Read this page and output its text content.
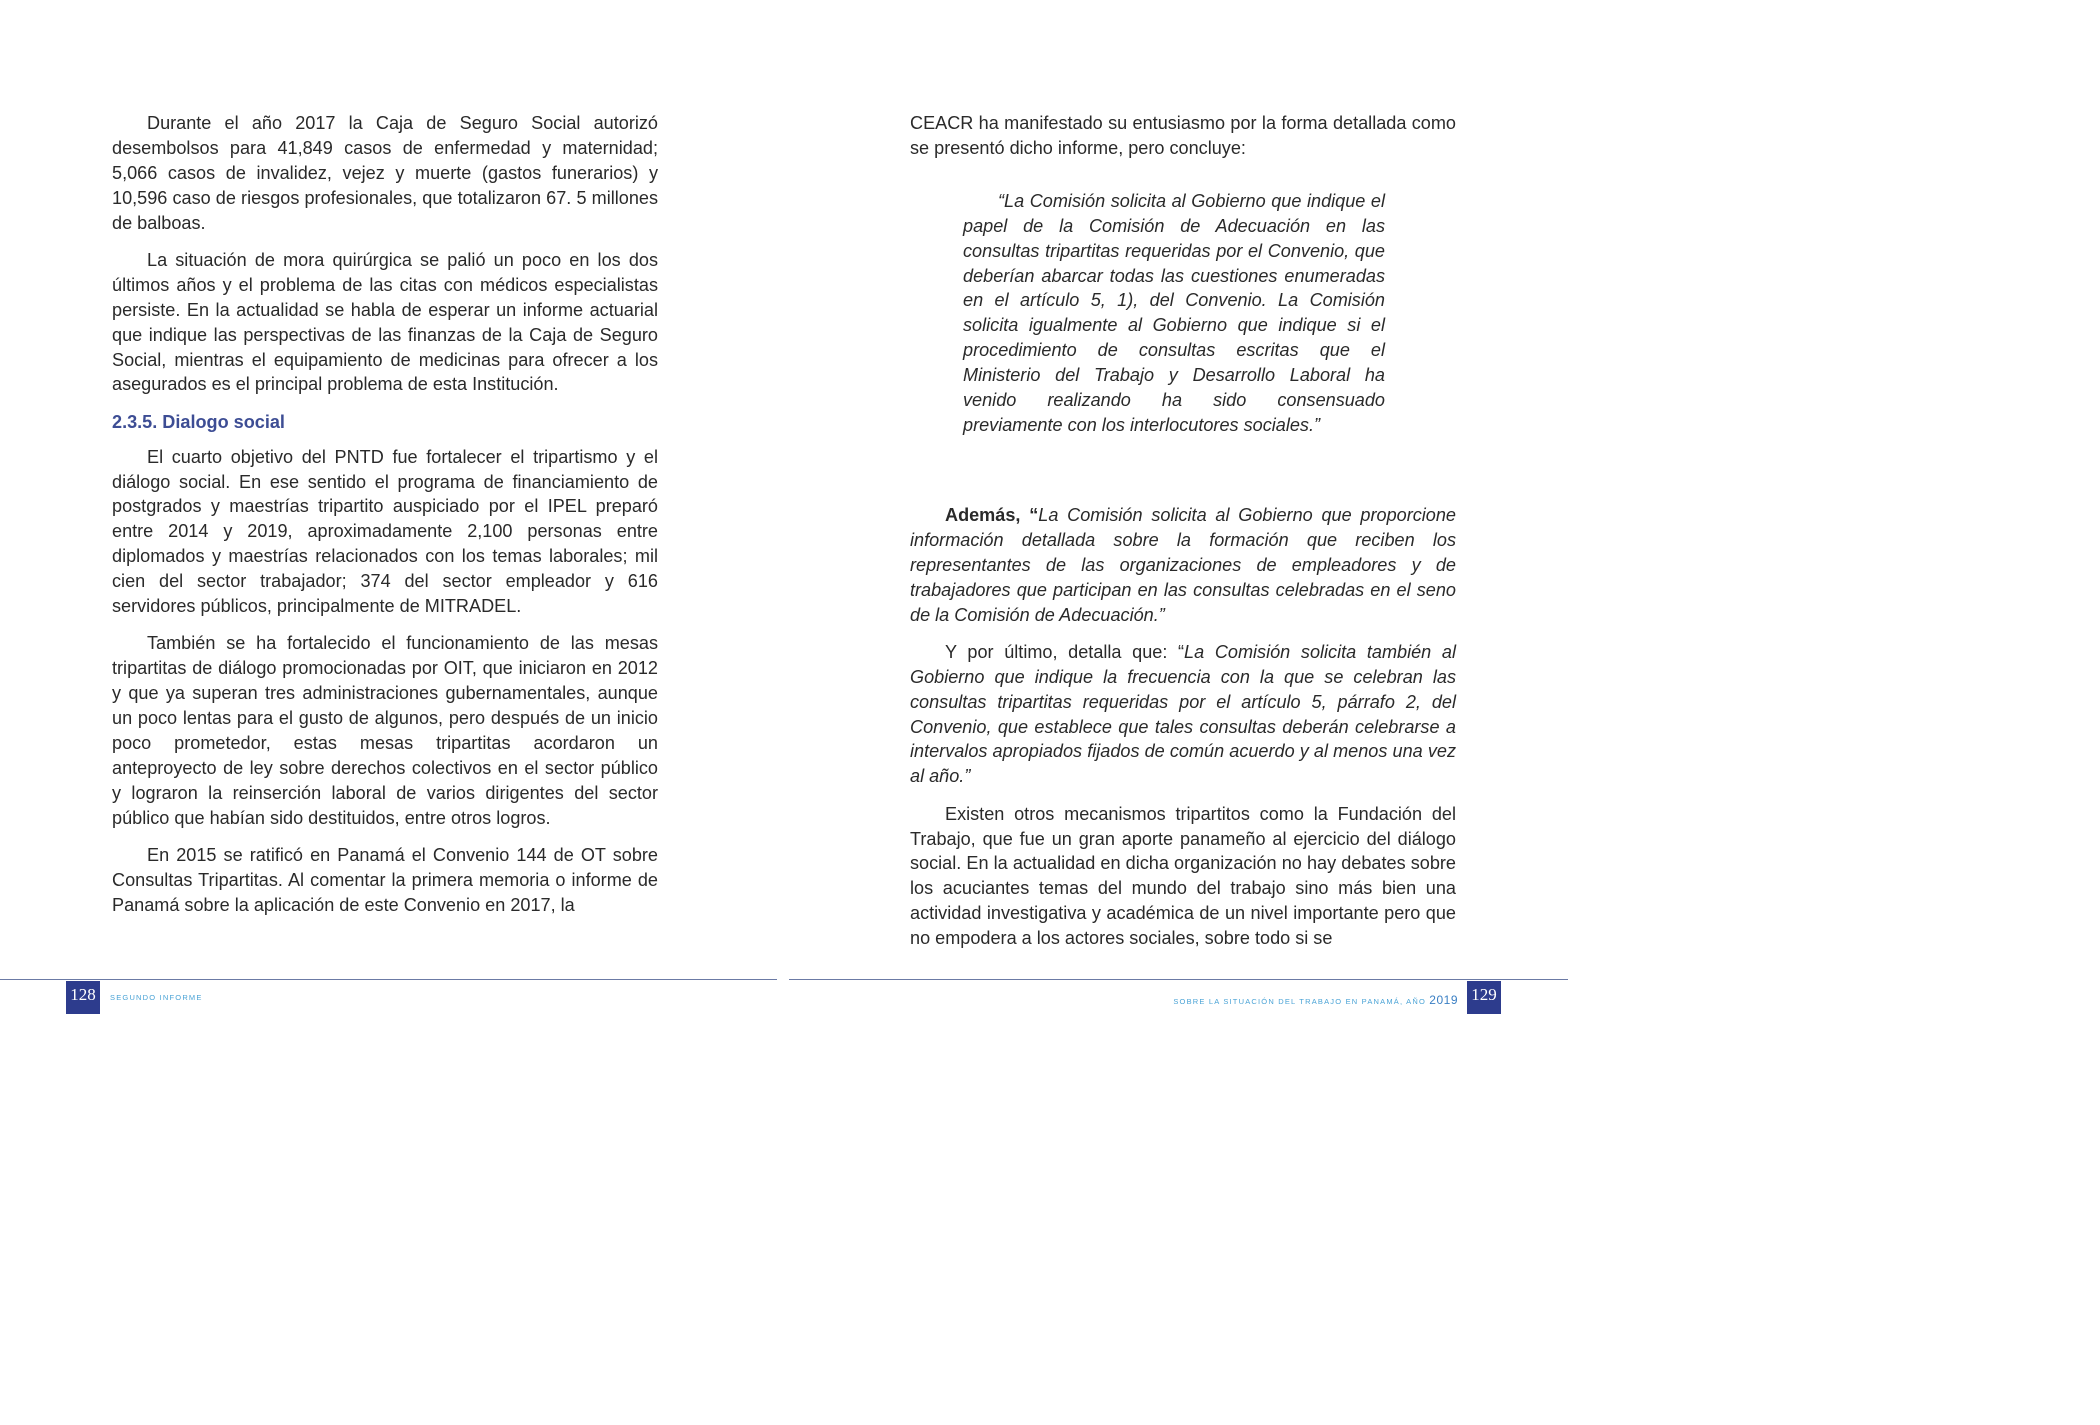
Durante el año 2017 la Caja de Seguro Social autorizó desembolsos para 41,849 casos de enfermedad y maternidad; 5,066 casos de invalidez, vejez y muerte (gastos funerarios) y 10,596 caso de riesgos profesionales, que totalizaron 67. 5 millones de balboas.

La situación de mora quirúrgica se palió un poco en los dos últimos años y el problema de las citas con médicos especialistas persiste. En la actualidad se habla de esperar un informe actuarial que indique las perspectivas de las finanzas de la Caja de Seguro Social, mientras el equipamiento de medicinas para ofrecer a los asegurados es el principal problema de esta Institución.

2.3.5. Dialogo social

El cuarto objetivo del PNTD fue fortalecer el tripartismo y el diálogo social. En ese sentido el programa de financiamiento de postgrados y maestrías tripartito auspiciado por el IPEL preparó entre 2014 y 2019, aproximadamente 2,100 personas entre diplomados y maestrías relacionados con los temas laborales; mil cien del sector trabajador; 374 del sector empleador y 616 servidores públicos, principalmente de MITRADEL.

También se ha fortalecido el funcionamiento de las mesas tripartitas de diálogo promocionadas por OIT, que iniciaron en 2012 y que ya superan tres administraciones gubernamentales, aunque un poco lentas para el gusto de algunos, pero después de un inicio poco prometedor, estas mesas tripartitas acordaron un anteproyecto de ley sobre derechos colectivos en el sector público y lograron la reinserción laboral de varios dirigentes del sector público que habían sido destituidos, entre otros logros.

En 2015 se ratificó en Panamá el Convenio 144 de OT sobre Consultas Tripartitas. Al comentar la primera memoria o informe de Panamá sobre la aplicación de este Convenio en 2017, la

CEACR ha manifestado su entusiasmo por la forma detallada como se presentó dicho informe, pero concluye:

“La Comisión solicita al Gobierno que indique el papel de la Comisión de Adecuación en las consultas tripartitas requeridas por el Convenio, que deberían abarcar todas las cuestiones enumeradas en el artículo 5, 1), del Convenio. La Comisión solicita igualmente al Gobierno que indique si el procedimiento de consultas escritas que el Ministerio del Trabajo y Desarrollo Laboral ha venido realizando ha sido consensuado previamente con los interlocutores sociales.”

Además, “La Comisión solicita al Gobierno que proporcione información detallada sobre la formación que reciben los representantes de las organizaciones de empleadores y de trabajadores que participan en las consultas celebradas en el seno de la Comisión de Adecuación.”

Y por último, detalla que: “La Comisión solicita también al Gobierno que indique la frecuencia con la que se celebran las consultas tripartitas requeridas por el artículo 5, párrafo 2, del Convenio, que establece que tales consultas deberán celebrarse a intervalos apropiados fijados de común acuerdo y al menos una vez al año.”

Existen otros mecanismos tripartitos como la Fundación del Trabajo, que fue un gran aporte panameño al ejercicio del diálogo social. En la actualidad en dicha organización no hay debates sobre los acuciantes temas del mundo del trabajo sino más bien una actividad investigativa y académica de un nivel importante pero que no empodera a los actores sociales, sobre todo si se

128	SEGUNDO INFORME	SOBRE LA SITUACIÓN DEL TRABAJO EN PANAMÁ, AÑO 2019 129
